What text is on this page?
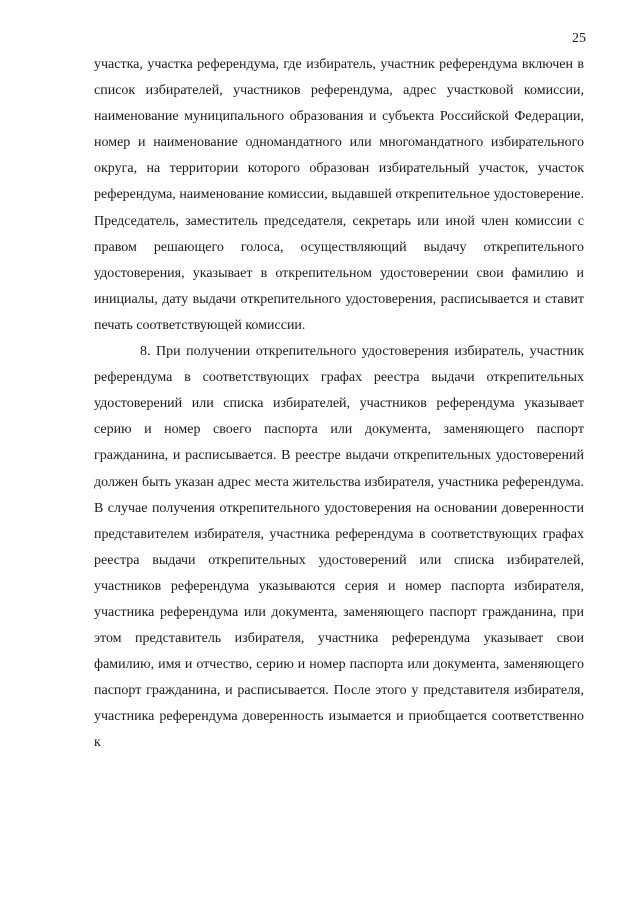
25

участка, участка референдума, где избиратель, участник референдума включен в список избирателей, участников референдума, адрес участковой комиссии, наименование муниципального образования и субъекта Российской Федерации, номер и наименование одномандатного или многомандатного избирательного округа, на территории которого образован избирательный участок, участок референдума, наименование комиссии, выдавшей открепительное удостоверение. Председатель, заместитель председателя, секретарь или иной член комиссии с правом решающего голоса, осуществляющий выдачу открепительного удостоверения, указывает в открепительном удостоверении свои фамилию и инициалы, дату выдачи открепительного удостоверения, расписывается и ставит печать соответствующей комиссии.

8. При получении открепительного удостоверения избиратель, участник референдума в соответствующих графах реестра выдачи открепительных удостоверений или списка избирателей, участников референдума указывает серию и номер своего паспорта или документа, заменяющего паспорт гражданина, и расписывается. В реестре выдачи открепительных удостоверений должен быть указан адрес места жительства избирателя, участника референдума. В случае получения открепительного удостоверения на основании доверенности представителем избирателя, участника референдума в соответствующих графах реестра выдачи открепительных удостоверений или списка избирателей, участников референдума указываются серия и номер паспорта избирателя, участника референдума или документа, заменяющего паспорт гражданина, при этом представитель избирателя, участника референдума указывает свои фамилию, имя и отчество, серию и номер паспорта или документа, заменяющего паспорт гражданина, и расписывается. После этого у представителя избирателя, участника референдума доверенность изымается и приобщается соответственно к
